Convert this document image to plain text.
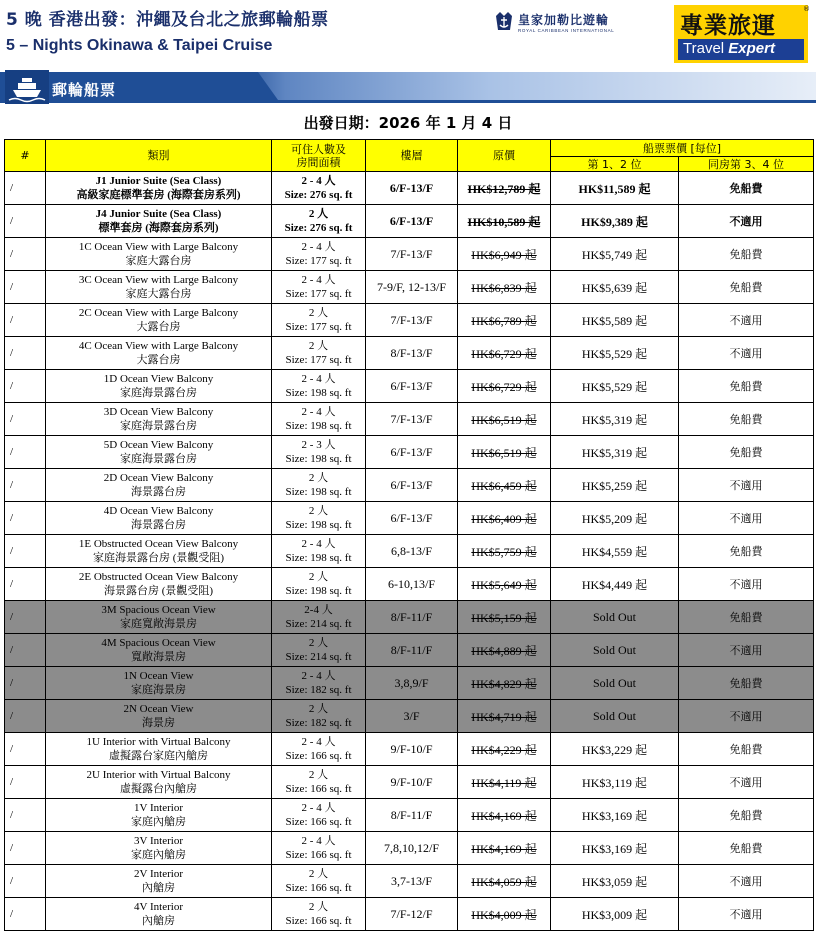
5 晚 香港出發：沖繩及台北之旅郵輪船票
5 – Nights Okinawa & Taipei Cruise
皇家加勒比遊輪
ROYAL CARIBBEAN INTERNATIONAL	專業旅運
Travel Expert
®
郵輪船票
出發日期：2026 年 1 月 4 日
#	類別	可住人數及
房間面積	樓層	原價	船票票價 [每位]	
					第 1、2 位	同房第 3、4 位
/	J1 Junior Suite (Sea Class)
高級家庭標準套房 (海際套房系列)	2 - 4 人
Size: 276 sq. ft	6/F-13/F	HK$12,789 起	HK$11,589 起	免船費
/	J4 Junior Suite (Sea Class)
標準套房 (海際套房系列)	2 人
Size: 276 sq. ft	6/F-13/F	HK$10,589 起	HK$9,389 起	不適用
/	1C Ocean View with Large Balcony
家庭大露台房	2 - 4 人
Size: 177 sq. ft	7/F-13/F	HK$6,949 起	HK$5,749 起	免船費
/	3C Ocean View with Large Balcony
家庭大露台房	2 - 4 人
Size: 177 sq. ft	7-9/F, 12-13/F	HK$6,839 起	HK$5,639 起	免船費
/	2C Ocean View with Large Balcony
大露台房	2 人
Size: 177 sq. ft	7/F-13/F	HK$6,789 起	HK$5,589 起	不適用
/	4C Ocean View with Large Balcony
大露台房	2 人
Size: 177 sq. ft	8/F-13/F	HK$6,729 起	HK$5,529 起	不適用
/	1D Ocean View Balcony
家庭海景露台房	2 - 4 人
Size: 198 sq. ft	6/F-13/F	HK$6,729 起	HK$5,529 起	免船費
/	3D Ocean View Balcony
家庭海景露台房	2 - 4 人
Size: 198 sq. ft	7/F-13/F	HK$6,519 起	HK$5,319 起	免船費
/	5D Ocean View Balcony
家庭海景露台房	2 - 3 人
Size: 198 sq. ft	6/F-13/F	HK$6,519 起	HK$5,319 起	免船費
/	2D Ocean View Balcony
海景露台房	2 人
Size: 198 sq. ft	6/F-13/F	HK$6,459 起	HK$5,259 起	不適用
/	4D Ocean View Balcony
海景露台房	2 人
Size: 198 sq. ft	6/F-13/F	HK$6,409 起	HK$5,209 起	不適用
/	1E Obstructed Ocean View Balcony
家庭海景露台房 (景觀受阻)	2 - 4 人
Size: 198 sq. ft	6,8-13/F	HK$5,759 起	HK$4,559 起	免船費
/	2E Obstructed Ocean View Balcony
海景露台房 (景觀受阻)	2 人
Size: 198 sq. ft	6-10,13/F	HK$5,649 起	HK$4,449 起	不適用
/	3M Spacious Ocean View
家庭寬敞海景房	2-4 人
Size: 214 sq. ft	8/F-11/F	HK$5,159 起	Sold Out	免船費
/	4M Spacious Ocean View
寬敞海景房	2 人
Size: 214 sq. ft	8/F-11/F	HK$4,889 起	Sold Out	不適用
/	1N Ocean View
家庭海景房	2 - 4 人
Size: 182 sq. ft	3,8,9/F	HK$4,829 起	Sold Out	免船費
/	2N Ocean View
海景房	2 人
Size: 182 sq. ft	3/F	HK$4,719 起	Sold Out	不適用
/	1U Interior with Virtual Balcony
虛擬露台家庭內艙房	2 - 4 人
Size: 166 sq. ft	9/F-10/F	HK$4,229 起	HK$3,229 起	免船費
/	2U Interior with Virtual Balcony
虛擬露台內艙房	2 人
Size: 166 sq. ft	9/F-10/F	HK$4,119 起	HK$3,119 起	不適用
/	1V Interior
家庭內艙房	2 - 4 人
Size: 166 sq. ft	8/F-11/F	HK$4,169 起	HK$3,169 起	免船費
/	3V Interior
家庭內艙房	2 - 4 人
Size: 166 sq. ft	7,8,10,12/F	HK$4,169 起	HK$3,169 起	免船費
/	2V Interior
內艙房	2 人
Size: 166 sq. ft	3,7-13/F	HK$4,059 起	HK$3,059 起	不適用
/	4V Interior
內艙房	2 人
Size: 166 sq. ft	7/F-12/F	HK$4,009 起	HK$3,009 起	不適用
